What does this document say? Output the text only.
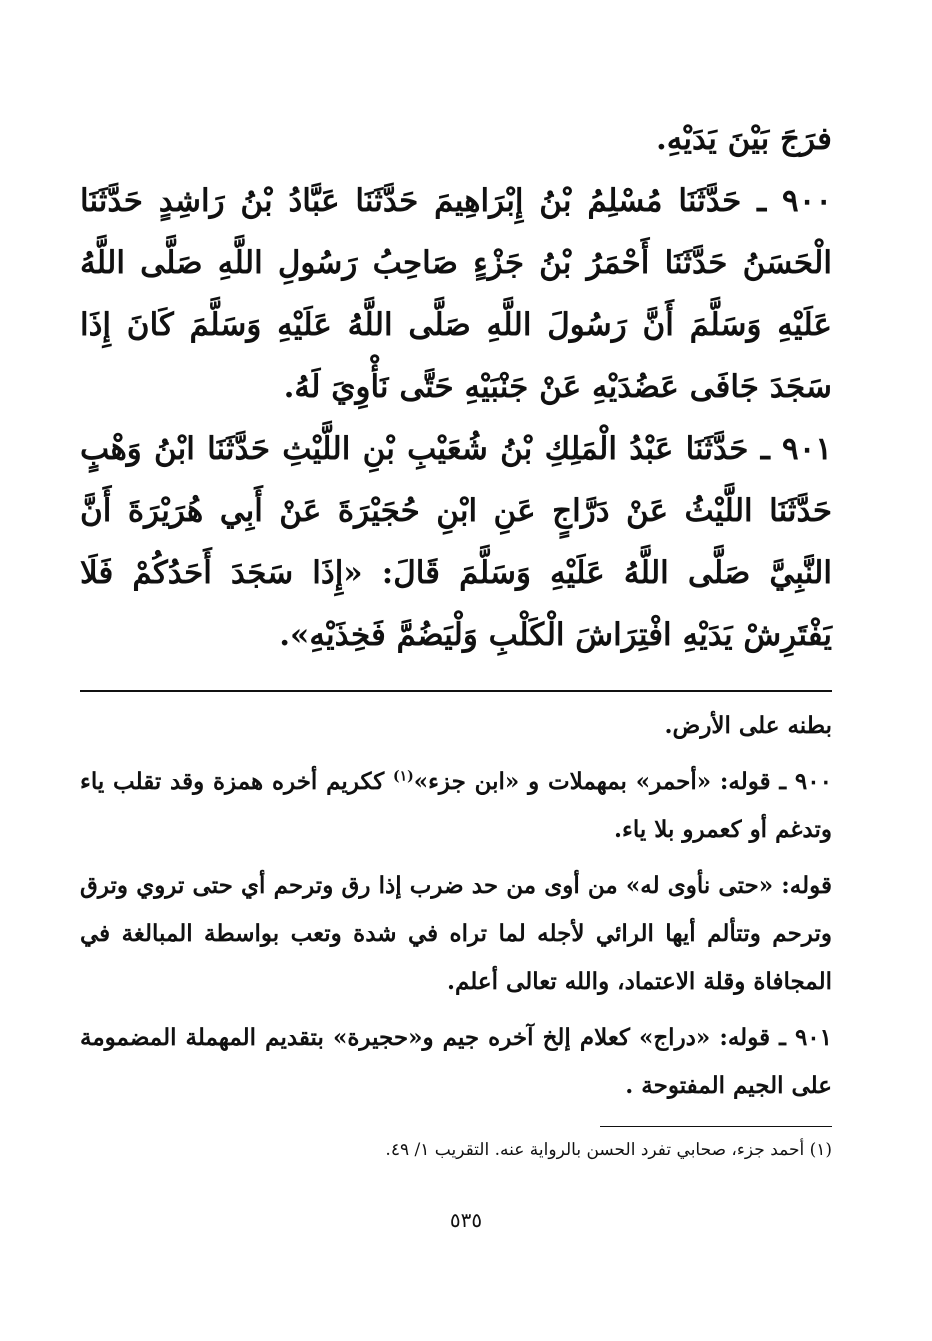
فرَجَ بَيْنَ يَدَيْهِ.

٩٠٠ ـ حَدَّثَنَا مُسْلِمُ بْنُ إِبْرَاهِيمَ حَدَّثَنَا عَبَّادُ بْنُ رَاشِدٍ حَدَّثَنَا الْحَسَنُ حَدَّثَنَا أَحْمَرُ بْنُ جَزْءٍ صَاحِبُ رَسُولِ اللَّهِ صَلَّى اللَّهُ عَلَيْهِ وَسَلَّمَ أَنَّ رَسُولَ اللَّهِ صَلَّى اللَّهُ عَلَيْهِ وَسَلَّمَ كَانَ إِذَا سَجَدَ جَافَى عَضُدَيْهِ عَنْ جَنْبَيْهِ حَتَّى نَأْوِيَ لَهُ.

٩٠١ ـ حَدَّثَنَا عَبْدُ الْمَلِكِ بْنُ شُعَيْبِ بْنِ اللَّيْثِ حَدَّثَنَا ابْنُ وَهْبٍ حَدَّثَنَا اللَّيْثُ عَنْ دَرَّاجٍ عَنِ ابْنِ حُجَيْرَةَ عَنْ أَبِي هُرَيْرَةَ أَنَّ النَّبِيَّ صَلَّى اللَّهُ عَلَيْهِ وَسَلَّمَ قَالَ: «إِذَا سَجَدَ أَحَدُكُمْ فَلَا يَفْتَرِشْ يَدَيْهِ افْتِرَاشَ الْكَلْبِ وَلْيَضُمَّ فَخِذَيْهِ».

بطنه على الأرض.

٩٠٠ ـ قوله: «أحمر» بمهملات و «ابن جزء»$^{(١)}$ ككريم أخره همزة وقد تقلب ياء وتدغم أو كعمرو بلا ياء.

قوله: «حتى نأوى له» من أوى من حد ضرب إذا رق وترحم أي حتى تروي وترق وترحم وتتألم أيها الرائي لأجله لما تراه في شدة وتعب بواسطة المبالغة في المجافاة وقلة الاعتماد، والله تعالى أعلم.

٩٠١ ـ قوله: «دراج» كعلام إلخ آخره جيم و«حجيرة» بتقديم المهملة المضمومة على الجيم المفتوحة .

(١) أحمد جزء، صحابي تفرد الحسن بالرواية عنه. التقريب ١/ ٤٩.
٥٣٥
